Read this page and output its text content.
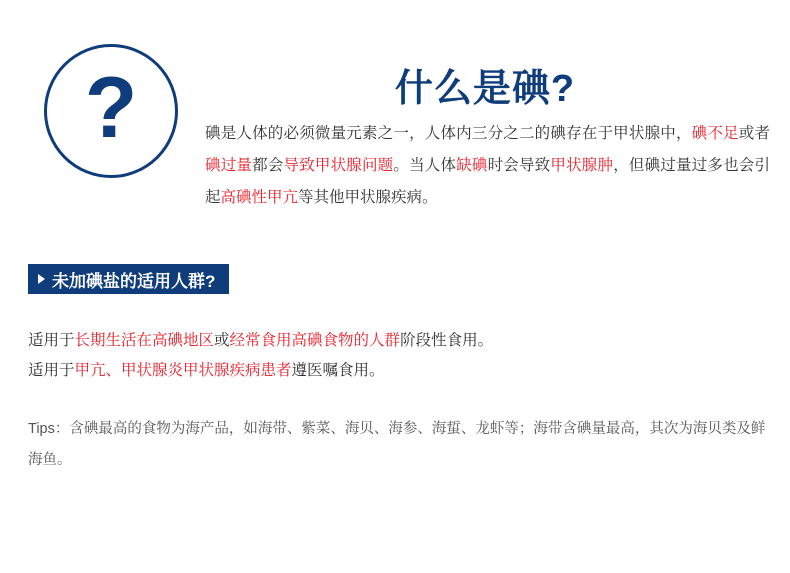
?	什么是碘?
碘是人体的必须微量元素之一，人体内三分之二的碘存在于甲状腺中，碘不足或者碘过量都会导致甲状腺问题。当人体缺碘时会导致甲状腺肿，但碘过量过多也会引起高碘性甲亢等其他甲状腺疾病。
未加碘盐的适用人群?
适用于长期生活在高碘地区或经常食用高碘食物的人群阶段性食用。
适用于甲亢、甲状腺炎甲状腺疾病患者遵医嘱食用。
Tips：含碘最高的食物为海产品，如海带、紫菜、海贝、海参、海蜇、龙虾等；海带含碘量最高，其次为海贝类及鲜海鱼。
